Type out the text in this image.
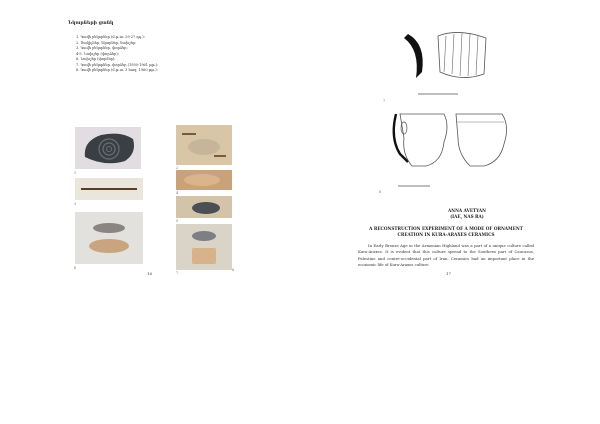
Նկարների ցանկ

1. Կավե բեկորներ (մ.թ.ա. 29-27 դդ.)։

2. Ծակիչներ, նկարներ, նախշեր։

3. Կավե բեկորներ, փորձեր։

4-5. Նախշեր (փորձեր)։

6. Նախշեր (փորձեր)։

7. Կավե բեկորներ, փորձեր (1950-1961 թթ.)։

8. Կավե բեկորներ (մ.թ.ա. 3 հազ. 1960 թթ.)։

1
2
3
4
5
6
7
16
7
8
ANNA AVETYAN
(IAE, NAS RA)
A RECONSTRUCTION EXPERIMENT OF A MODE OF ORNAMENT CREATION IN KURA-ARAXES CERAMICS

In Early Bronze Age in the Armenian Highland was a part of a unique culture called Kura-Araxes. It is evident that this culture spread to the Southern part of Caucasus, Palestine and centre-occidental part of Iran. Ceramics had an important place in the economic life of Kura-Araxes culture.

17
8
